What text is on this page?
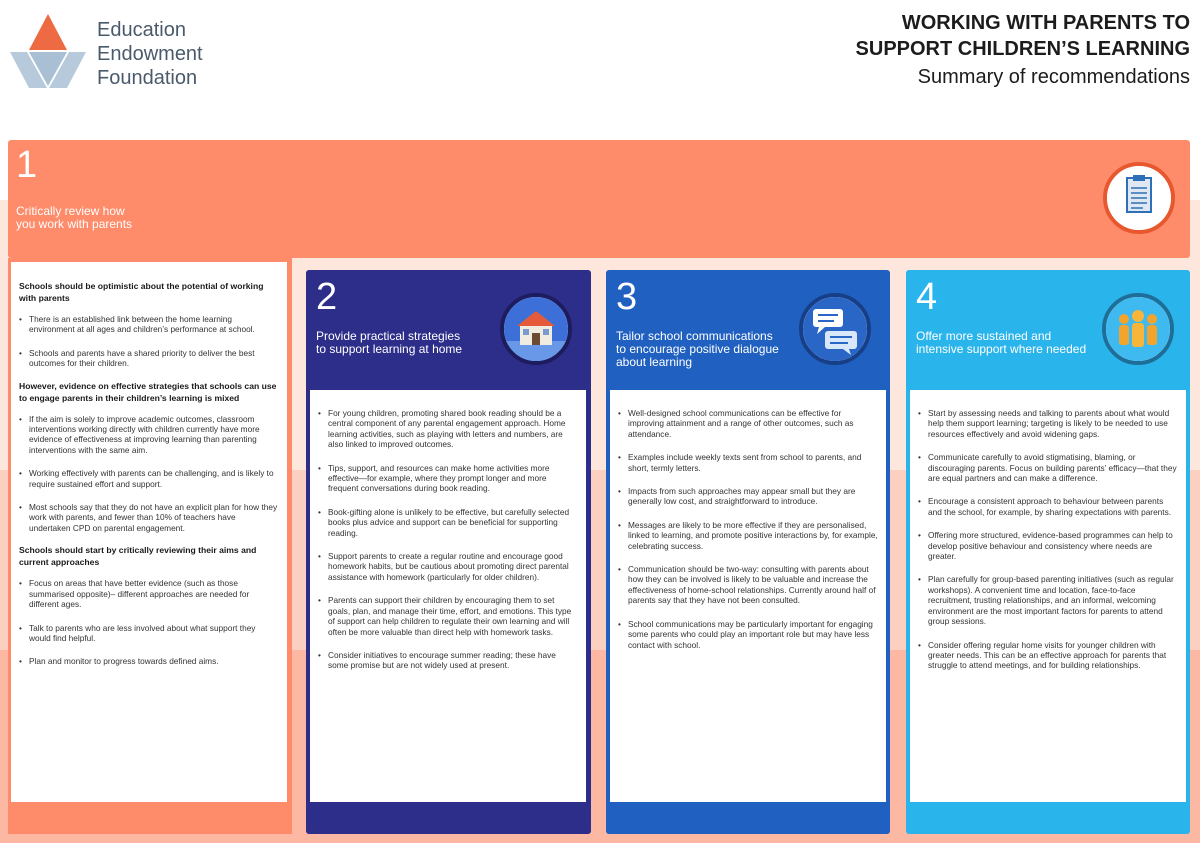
Education
Endowment
Foundation
WORKING WITH PARENTS TO
SUPPORT CHILDREN’S LEARNING
Summary of recommendations
1
Critically review how
you work with parents
Schools should be optimistic about the potential of working with parents
• There is an established link between the home learning environment at all ages and children’s performance at school.
• Schools and parents have a shared priority to deliver the best outcomes for their children.
However, evidence on effective strategies that schools can use to engage parents in their children’s learning is mixed
• If the aim is solely to improve academic outcomes, classroom interventions working directly with children currently have more evidence of effectiveness at improving learning than parenting interventions with the same aim.
• Working effectively with parents can be challenging, and is likely to require sustained effort and support.
• Most schools say that they do not have an explicit plan for how they work with parents, and fewer than 10% of teachers have undertaken CPD on parental engagement.
Schools should start by critically reviewing their aims and current approaches
• Focus on areas that have better evidence (such as those summarised opposite)– different approaches are needed for different ages.
• Talk to parents who are less involved about what support they would find helpful.
• Plan and monitor to progress towards defined aims.
2
Provide practical strategies
to support learning at home
• For young children, promoting shared book reading should be a central component of any parental engagement approach. Home learning activities, such as playing with letters and numbers, are also linked to improved outcomes.
• Tips, support, and resources can make home activities more effective—for example, where they prompt longer and more frequent conversations during book reading.
• Book-gifting alone is unlikely to be effective, but carefully selected books plus advice and support can be beneficial for supporting reading.
• Support parents to create a regular routine and encourage good homework habits, but be cautious about promoting direct parental assistance with homework (particularly for older children).
• Parents can support their children by encouraging them to set goals, plan, and manage their time, effort, and emotions. This type of support can help children to regulate their own learning and will often be more valuable than direct help with homework tasks.
• Consider initiatives to encourage summer reading; these have some promise but are not widely used at present.
3
Tailor school communications
to encourage positive dialogue
about learning
• Well-designed school communications can be effective for improving attainment and a range of other outcomes, such as attendance.
• Examples include weekly texts sent from school to parents, and short, termly letters.
• Impacts from such approaches may appear small but they are generally low cost, and straightforward to introduce.
• Messages are likely to be more effective if they are personalised, linked to learning, and promote positive interactions by, for example, celebrating success.
• Communication should be two-way: consulting with parents about how they can be involved is likely to be valuable and increase the effectiveness of home-school relationships. Currently around half of parents say that they have not been consulted.
• School communications may be particularly important for engaging some parents who could play an important role but may have less contact with school.
4
Offer more sustained and
intensive support where needed
• Start by assessing needs and talking to parents about what would help them support learning; targeting is likely to be needed to use resources effectively and avoid widening gaps.
• Communicate carefully to avoid stigmatising, blaming, or discouraging parents. Focus on building parents’ efficacy—that they are equal partners and can make a difference.
• Encourage a consistent approach to behaviour between parents and the school, for example, by sharing expectations with parents.
• Offering more structured, evidence-based programmes can help to develop positive behaviour and consistency where needs are greater.
• Plan carefully for group-based parenting initiatives (such as regular workshops). A convenient time and location, face-to-face recruitment, trusting relationships, and an informal, welcoming environment are the most important factors for parents to attend group sessions.
• Consider offering regular home visits for younger children with greater needs. This can be an effective approach for parents that struggle to attend meetings, and for building relationships.
